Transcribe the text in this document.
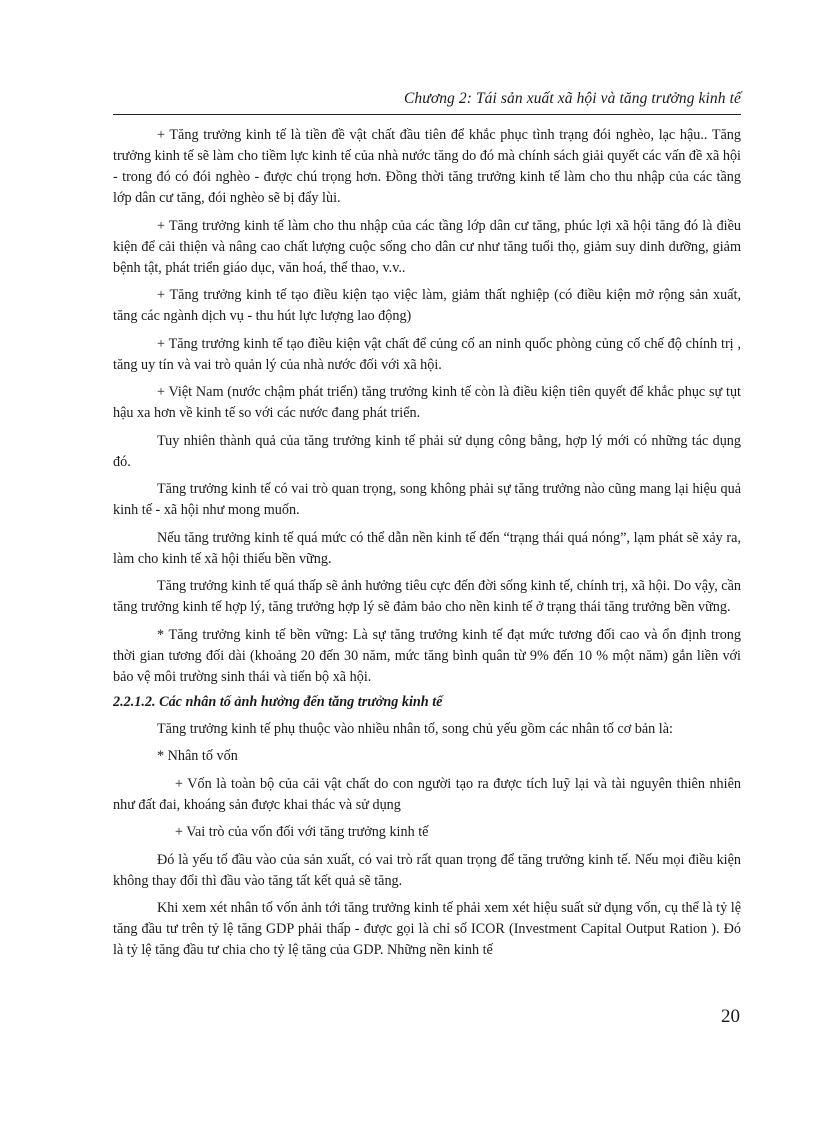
Chương 2: Tái sản xuất xã hội và tăng trưởng kinh tế

+ Tăng trưởng kinh tế là tiền đề vật chất đầu tiên để khắc phục tình trạng đói nghèo, lạc hậu.. Tăng trưởng kinh tế sẽ làm cho tiềm lực kinh tế của nhà nước tăng do đó mà chính sách giải quyết các vấn đề xã hội - trong đó có đói nghèo - được chú trọng hơn. Đồng thời tăng trưởng kinh tế làm cho thu nhập của các tầng lớp dân cư tăng, đói nghèo sẽ bị đẩy lùi.

+ Tăng trưởng kinh tế làm cho thu nhập của các tầng lớp dân cư tăng, phúc lợi xã hội tăng đó là điều kiện để cải thiện và nâng cao chất lượng cuộc sống cho dân cư như tăng tuổi thọ, giảm suy dinh dưỡng, giảm bệnh tật, phát triển giáo dục, văn hoá, thể thao, v.v..

+ Tăng trưởng kinh tế tạo điều kiện tạo việc làm, giảm thất nghiệp (có điều kiện mở rộng sản xuất, tăng các ngành dịch vụ - thu hút lực lượng lao động)

+ Tăng trưởng kinh tế tạo điều kiện vật chất để củng cố an ninh quốc phòng củng cố chế độ chính trị , tăng uy tín và vai trò quản lý của nhà nước đối với xã hội.

+ Việt Nam (nước chậm phát triển) tăng trưởng kinh tế còn là điều kiện tiên quyết để khắc phục sự tụt hậu xa hơn về kinh tế so với các nước đang phát triển.

Tuy nhiên thành quả của tăng trưởng kinh tế phải sử dụng công bằng, hợp lý mới có những tác dụng đó.

Tăng trưởng kinh tế có vai trò quan trọng, song không phải sự tăng trưởng nào cũng mang lại hiệu quả kinh tế - xã hội như mong muốn.

Nếu tăng trưởng kinh tế quá mức có thể dẫn nền kinh tế đến “trạng thái quá nóng”, lạm phát sẽ xảy ra, làm cho kinh tế xã hội thiếu bền vững.

Tăng trưởng kinh tế quá thấp sẽ ảnh hưởng tiêu cực đến đời sống kinh tế, chính trị, xã hội. Do vậy, cần tăng trưởng kinh tế hợp lý, tăng trưởng hợp lý sẽ đảm bảo cho nền kinh tế ở trạng thái tăng trưởng bền vững.

* Tăng trưởng kinh tế bền vững: Là sự tăng trưởng kinh tế đạt mức tương đối cao và ổn định trong thời gian tương đối dài (khoảng 20 đến 30 năm, mức tăng bình quân từ 9% đến 10 % một năm) gắn liền với bảo vệ môi trường sinh thái và tiến bộ xã hội.

2.2.1.2. Các nhân tố ảnh hưởng đến tăng trưởng kinh tế

Tăng trưởng kinh tế phụ thuộc vào nhiều nhân tố, song chủ yếu gồm các nhân tố cơ bản là:

* Nhân tố vốn

+ Vốn là toàn bộ của cải vật chất do con người tạo ra được tích luỹ lại và tài nguyên thiên nhiên như đất đai, khoáng sản được khai thác và sử dụng

+ Vai trò của vốn đối với tăng trưởng kinh tế

Đó là yếu tố đầu vào của sản xuất, có vai trò rất quan trọng để tăng trưởng kinh tế. Nếu mọi điều kiện không thay đổi thì đầu vào tăng tất kết quả sẽ tăng.

Khi xem xét nhân tố vốn ảnh tới tăng trưởng kinh tế phải xem xét hiệu suất sử dụng vốn, cụ thể là tỷ lệ tăng đầu tư trên tỷ lệ tăng GDP phải thấp - được gọi là chỉ số ICOR (Investment Capital Output Ration ). Đó là tỷ lệ tăng đầu tư chia cho tỷ lệ tăng của GDP. Những nền kinh tế

20
